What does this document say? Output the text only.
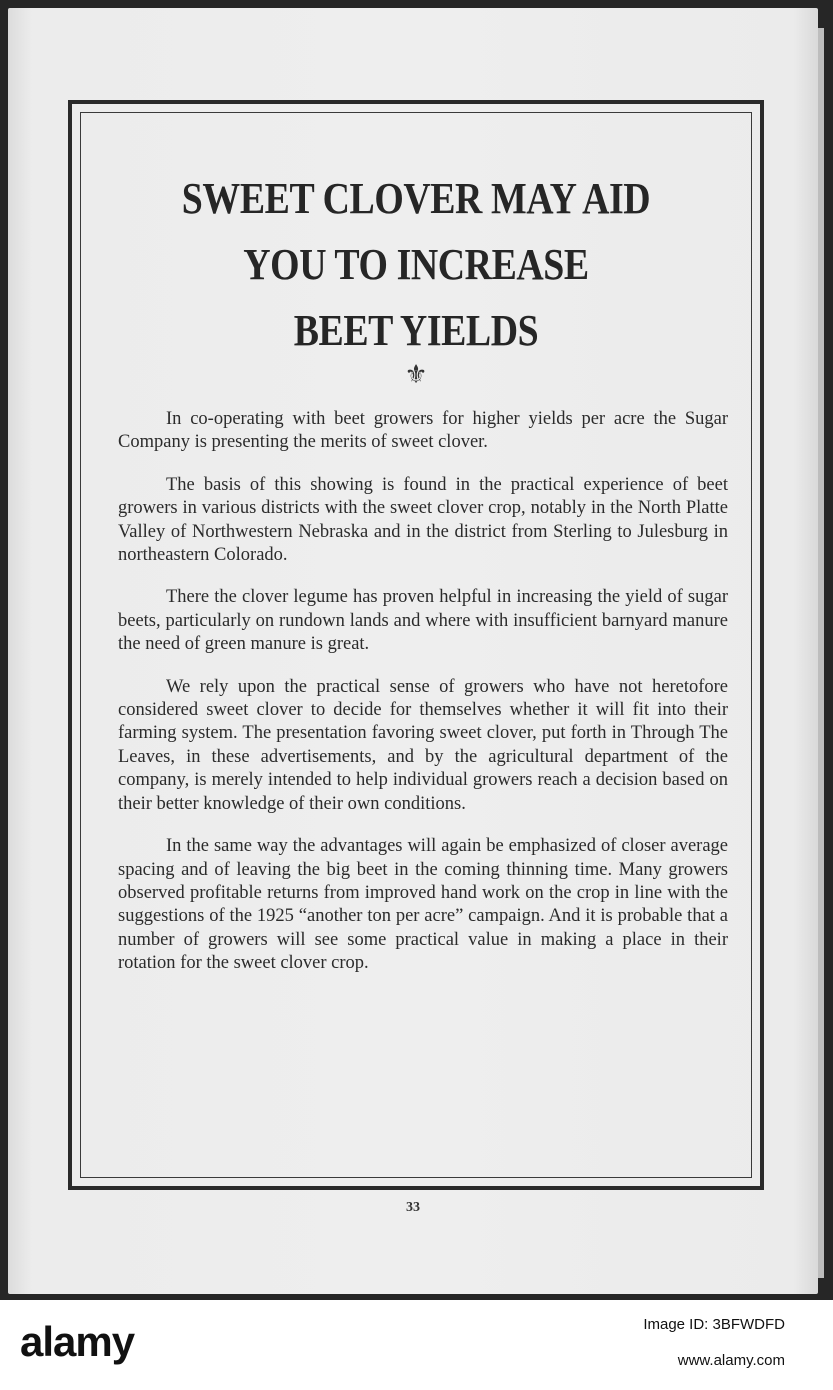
SWEET CLOVER MAY AID
YOU TO INCREASE
BEET YIELDS
⚜

In co-operating with beet growers for higher yields per acre the Sugar Company is presenting the merits of sweet clover.

The basis of this showing is found in the practical experience of beet growers in various districts with the sweet clover crop, notably in the North Platte Valley of Northwestern Nebraska and in the district from Sterling to Julesburg in northeastern Colorado.

There the clover legume has proven helpful in increasing the yield of sugar beets, particularly on rundown lands and where with insufficient barnyard manure the need of green manure is great.

We rely upon the practical sense of growers who have not heretofore considered sweet clover to decide for themselves whether it will fit into their farming system. The presentation favoring sweet clover, put forth in Through The Leaves, in these advertisements, and by the agricultural department of the company, is merely intended to help individual growers reach a decision based on their better knowledge of their own conditions.

In the same way the advantages will again be emphasized of closer average spacing and of leaving the big beet in the coming thinning time. Many growers observed profitable returns from improved hand work on the crop in line with the suggestions of the 1925 “another ton per acre” campaign. And it is probable that a number of growers will see some practical value in making a place in their rotation for the sweet clover crop.

33
alamy	Image ID: 3BFWDFD
www.alamy.com
